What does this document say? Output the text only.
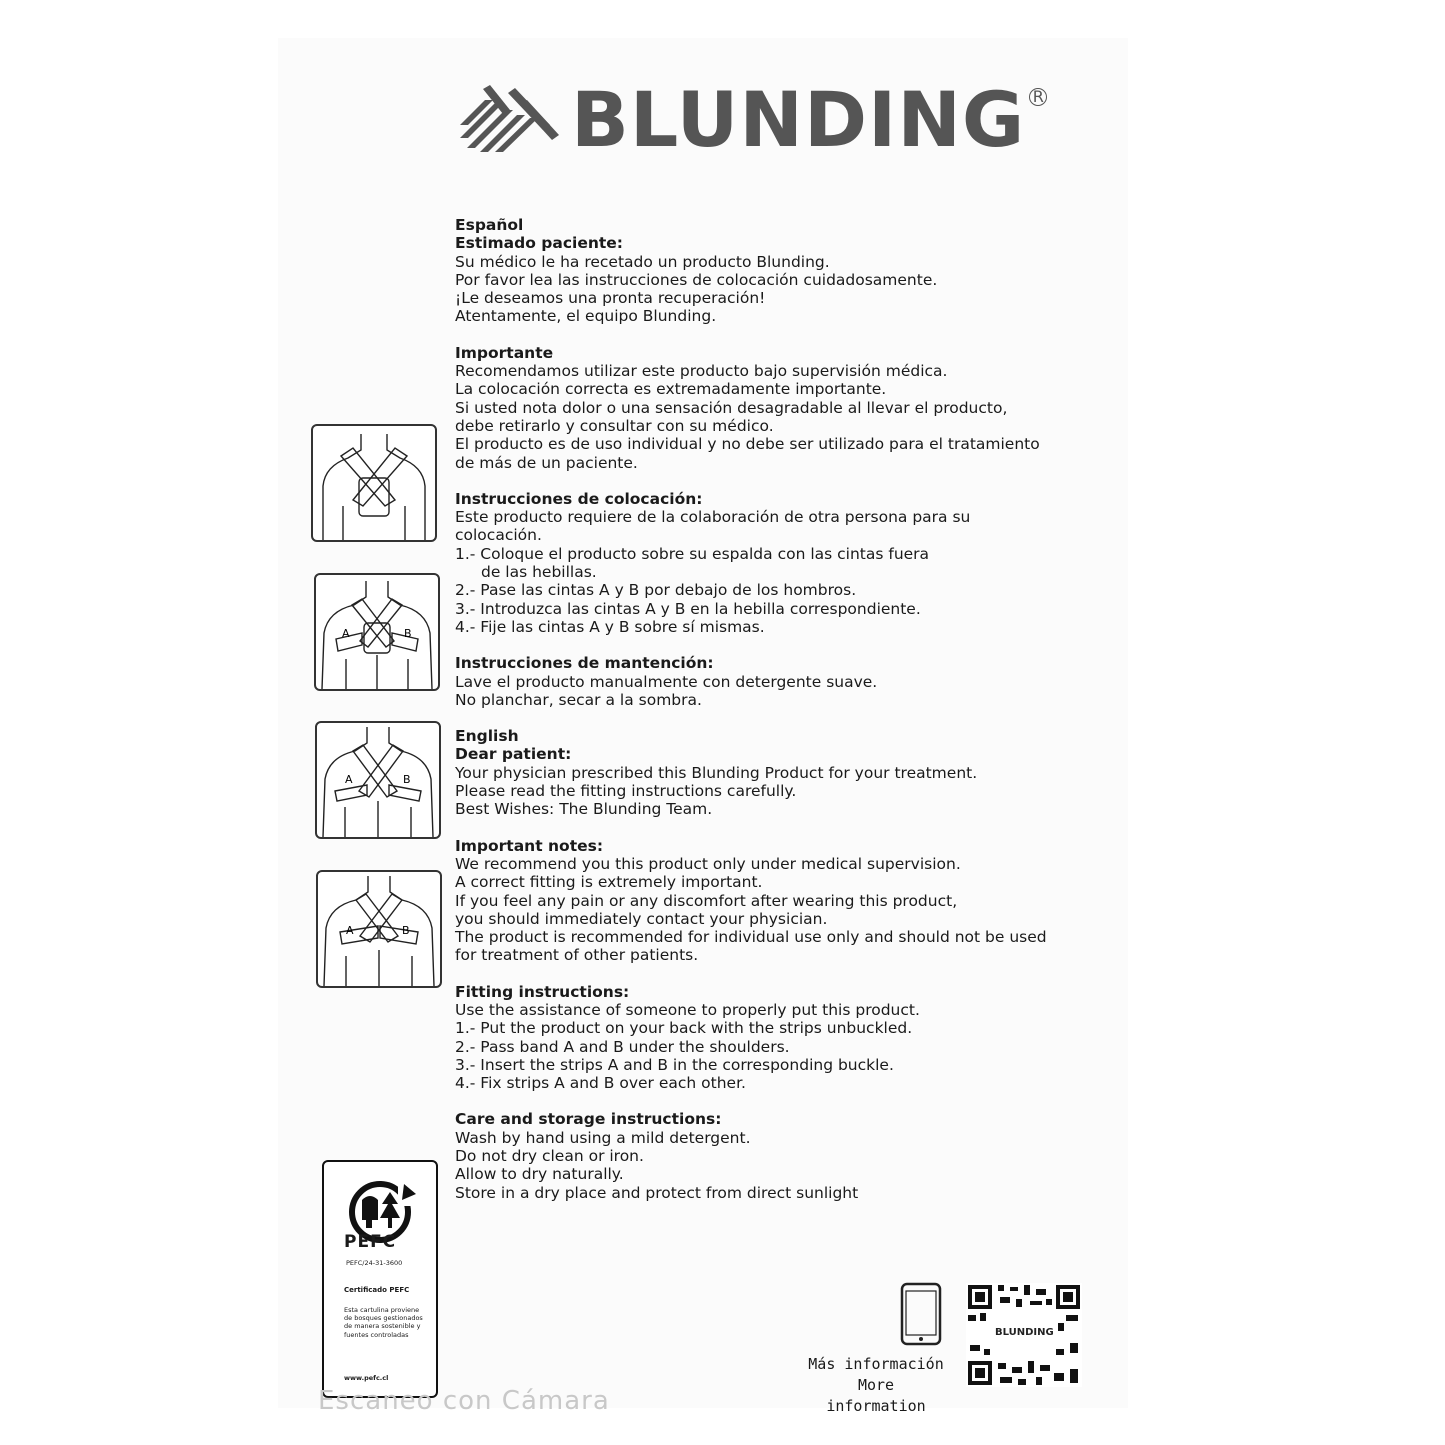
BLUNDING R
Español
Estimado paciente:
Su médico le ha recetado un producto Blunding.
Por favor lea las instrucciones de colocación cuidadosamente.
¡Le deseamos una pronta recuperación!
Atentamente, el equipo Blunding.
Importante
Recomendamos utilizar este producto bajo supervisión médica.
La colocación correcta es extremadamente importante.
Si usted nota dolor o una sensación desagradable al llevar el producto,
debe retirarlo y consultar con su médico.
El producto es de uso individual y no debe ser utilizado para el tratamiento
de más de un paciente.
Instrucciones de colocación:
Este producto requiere de la colaboración de otra persona para su
colocación.
1.- Coloque el producto sobre su espalda con las cintas fuera
de las hebillas.
2.- Pase las cintas A y B por debajo de los hombros.
3.- Introduzca las cintas A y B en la hebilla correspondiente.
4.- Fije las cintas A y B sobre sí mismas.
Instrucciones de mantención:
Lave el producto manualmente con detergente suave.
No planchar, secar a la sombra.
English
Dear patient:
Your physician prescribed this Blunding Product for your treatment.
Please read the fitting instructions carefully.
Best Wishes: The Blunding Team.
Important notes:
We recommend you this product only under medical supervision.
A correct fitting is extremely important.
If you feel any pain or any discomfort after wearing this product,
you should immediately contact your physician.
The product is recommended for individual use only and should not be used
for treatment of other patients.
Fitting instructions:
Use the assistance of someone to properly put this product.
1.- Put the product on your back with the strips unbuckled.
2.- Pass band A and B under the shoulders.
3.- Insert the strips A and B in the corresponding buckle.
4.- Fix strips A and B over each other.
Care and storage instructions:
Wash by hand using a mild detergent.
Do not dry clean or iron.
Allow to dry naturally.
Store in a dry place and protect from direct sunlight
A	B
A	B
A	B
PEFC
PEFC/24-31-3600
Certificado PEFC
Esta cartulina proviene de bosques gestionados de manera sostenible y fuentes controladas
www.pefc.cl
Escaneo con Cámara
Más información
More information
BLUNDING
